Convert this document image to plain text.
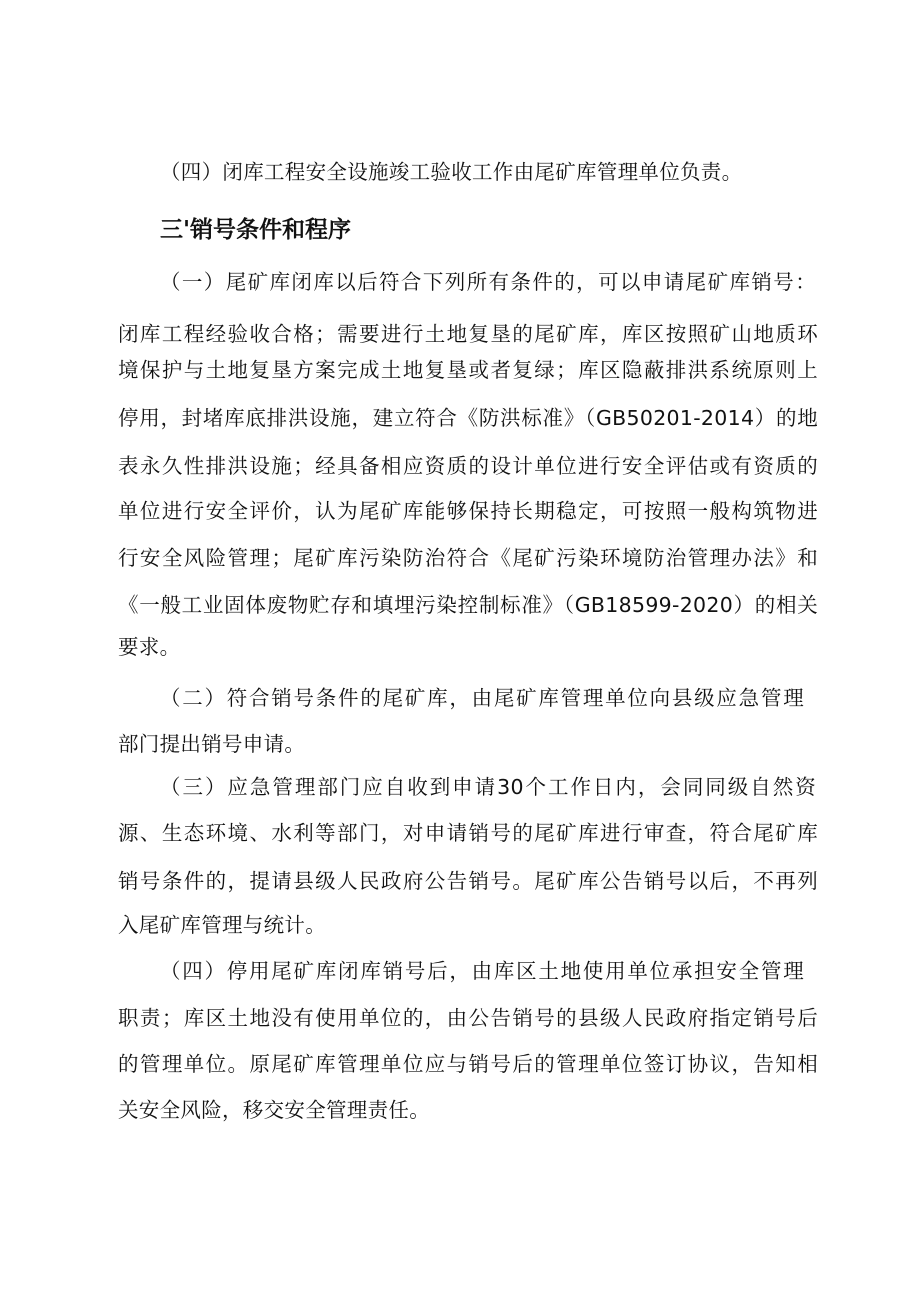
（四）闭库工程安全设施竣工验收工作由尾矿库管理单位负责。
三'销号条件和程序
（一）尾矿库闭库以后符合下列所有条件的，可以申请尾矿库销号：
闭库工程经验收合格；需要进行土地复垦的尾矿库，库区按照矿山地质环
境保护与土地复垦方案完成土地复垦或者复绿；库区隐蔽排洪系统原则上
停用，封堵库底排洪设施，建立符合《防洪标准》（GB50201-2014）的地
表永久性排洪设施；经具备相应资质的设计单位进行安全评估或有资质的
单位进行安全评价，认为尾矿库能够保持长期稳定，可按照一般构筑物进
行安全风险管理；尾矿库污染防治符合《尾矿污染环境防治管理办法》和
《一般工业固体废物贮存和填埋污染控制标准》（GB18599-2020）的相关
要求。
（二）符合销号条件的尾矿库，由尾矿库管理单位向县级应急管理
部门提出销号申请。
（三）应急管理部门应自收到申请30个工作日内，会同同级自然资
源、生态环境、水利等部门，对申请销号的尾矿库进行审查，符合尾矿库
销号条件的，提请县级人民政府公告销号。尾矿库公告销号以后，不再列
入尾矿库管理与统计。
（四）停用尾矿库闭库销号后，由库区土地使用单位承担安全管理
职责；库区土地没有使用单位的，由公告销号的县级人民政府指定销号后
的管理单位。原尾矿库管理单位应与销号后的管理单位签订协议，告知相
关安全风险，移交安全管理责任。
